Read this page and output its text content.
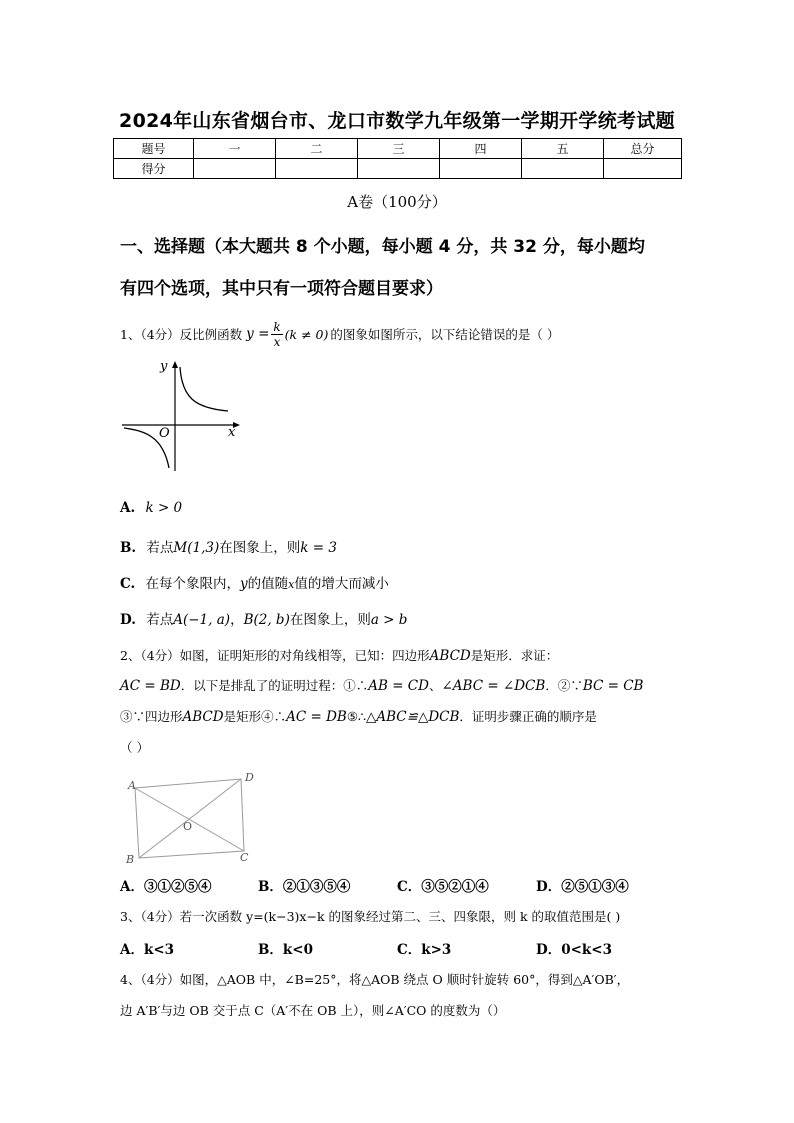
2024年山东省烟台市、龙口市数学九年级第一学期开学统考试题
题号	一	二	三	四	五	总分
得分						
A卷（100分）
一、选择题（本大题共 8 个小题，每小题 4 分，共 32 分，每小题均
有四个选项，其中只有一项符合题目要求）
1、（4分）反比例函数 $y = \frac{k}{x} (k \ne 0)$ 的图象如图所示，以下结论错误的是（ ）
y
x
O
A. k > 0
B. 若点M(1,3)在图象上，则k = 3
C. 在每个象限内，y的值随x值的增大而减小
D. 若点A(−1, a)，B(2, b)在图象上，则a > b
2、（4分）如图，证明矩形的对角线相等，已知：四边形ABCD是矩形．求证：
AC = BD．以下是排乱了的证明过程：①∴AB = CD、∠ABC = ∠DCB．②∵BC = CB
③∵四边形ABCD是矩形④∴AC = DB⑤∴△ABC≌△DCB．证明步骤正确的顺序是
（ ）
A
D
B	C
O
A．③①②⑤④	B．②①③⑤④	C．③⑤②①④	D．②⑤①③④
3、（4分）若一次函数 y=(k−3)x−k 的图象经过第二、三、四象限，则 k 的取值范围是( )
A．k<3	B．k<0	C．k>3	D．0<k<3
4、（4分）如图，△AOB 中，∠B=25°，将△AOB 绕点 O 顺时针旋转 60°，得到△A′OB′，
边 A′B′与边 OB 交于点 C（A′不在 OB 上），则∠A′CO 的度数为（）
